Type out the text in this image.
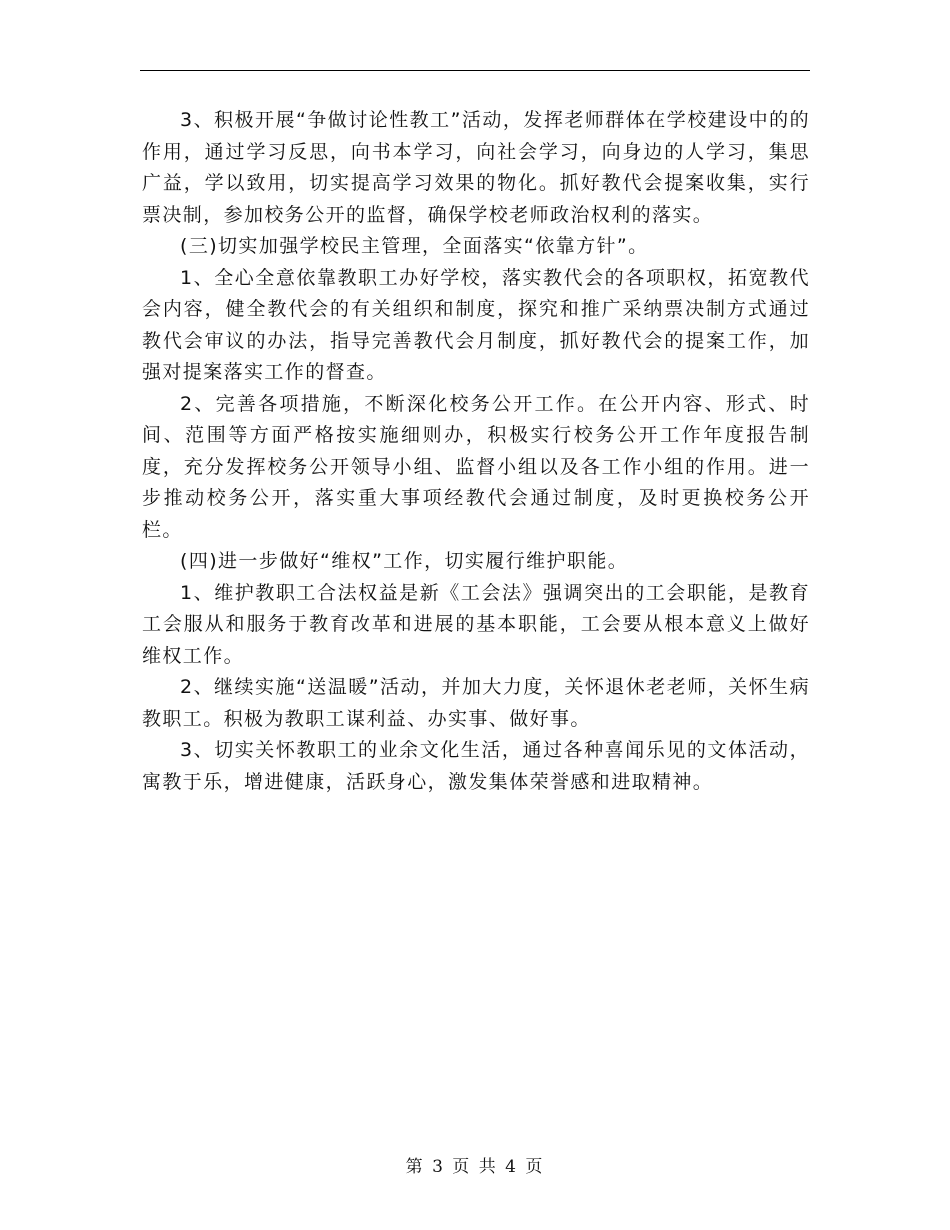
3、积极开展“争做讨论性教工”活动，发挥老师群体在学校建设中的的作用，通过学习反思，向书本学习，向社会学习，向身边的人学习，集思广益，学以致用，切实提高学习效果的物化。抓好教代会提案收集，实行票决制，参加校务公开的监督，确保学校老师政治权利的落实。

(三)切实加强学校民主管理，全面落实“依靠方针”。

1、全心全意依靠教职工办好学校，落实教代会的各项职权，拓宽教代会内容，健全教代会的有关组织和制度，探究和推广采纳票决制方式通过教代会审议的办法，指导完善教代会月制度，抓好教代会的提案工作，加强对提案落实工作的督查。

2、完善各项措施，不断深化校务公开工作。在公开内容、形式、时间、范围等方面严格按实施细则办，积极实行校务公开工作年度报告制度，充分发挥校务公开领导小组、监督小组以及各工作小组的作用。进一步推动校务公开，落实重大事项经教代会通过制度，及时更换校务公开栏。

(四)进一步做好“维权”工作，切实履行维护职能。

1、维护教职工合法权益是新《工会法》强调突出的工会职能，是教育工会服从和服务于教育改革和进展的基本职能，工会要从根本意义上做好维权工作。

2、继续实施“送温暖”活动，并加大力度，关怀退休老老师，关怀生病教职工。积极为教职工谋利益、办实事、做好事。

3、切实关怀教职工的业余文化生活，通过各种喜闻乐见的文体活动，寓教于乐，增进健康，活跃身心，激发集体荣誉感和进取精神。

第 3 页 共 4 页
